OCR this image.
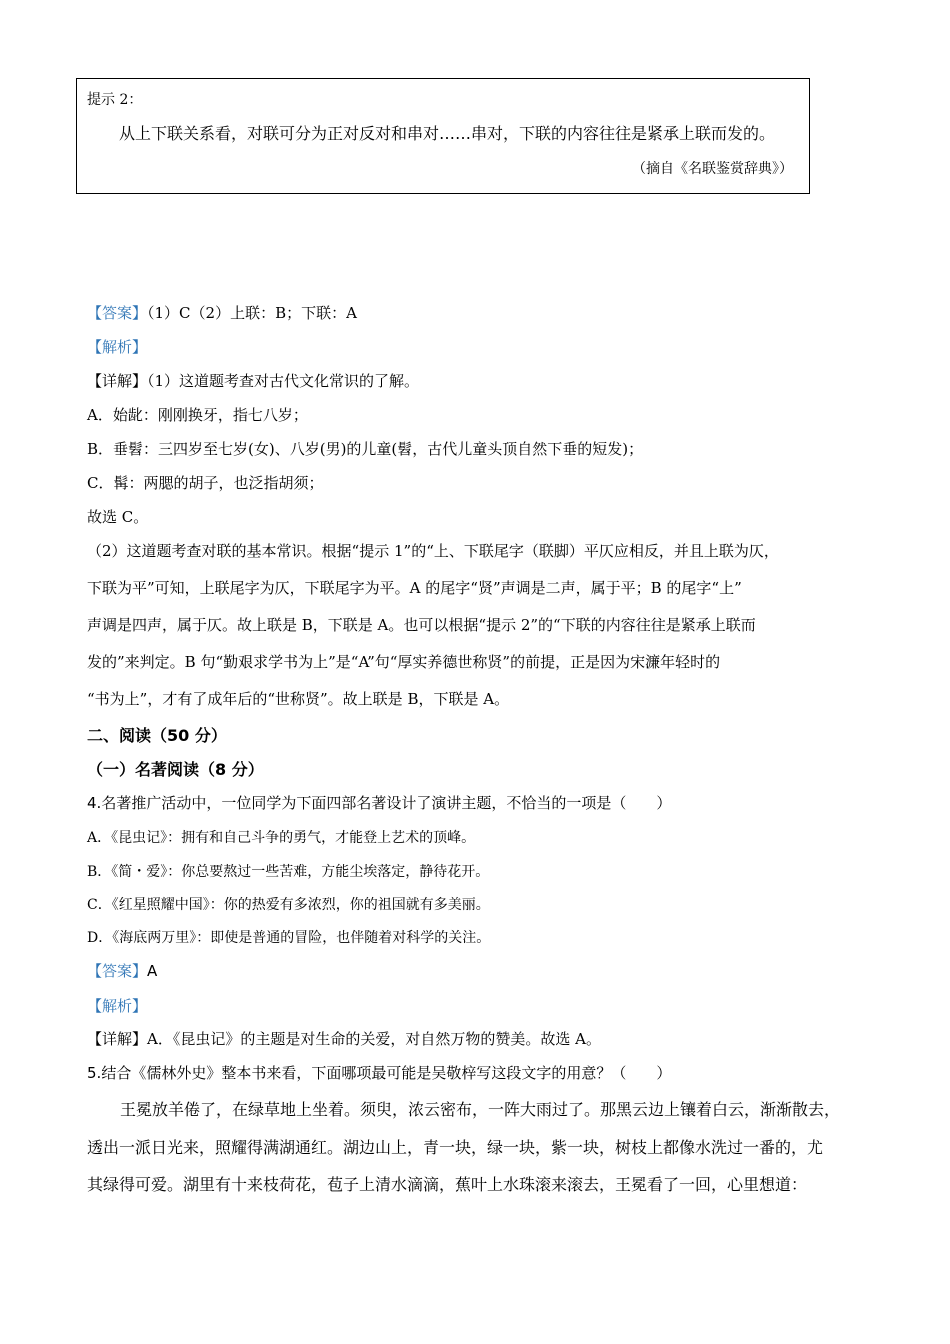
提示 2：
从上下联关系看，对联可分为正对反对和串对……串对，下联的内容往往是紧承上联而发的。
（摘自《名联鉴赏辞典》）
【答案】（1）C（2）上联：B；下联：A
【解析】
【详解】（1）这道题考查对古代文化常识的了解。
A．始龀：刚刚换牙，指七八岁；
B．垂髫：三四岁至七岁(女)、八岁(男)的儿童(髫，古代儿童头顶自然下垂的短发)；
C．髯：两腮的胡子，也泛指胡须；
故选 C。
（2）这道题考查对联的基本常识。根据“提示 1”的“上、下联尾字（联脚）平仄应相反，并且上联为仄，
下联为平”可知，上联尾字为仄，下联尾字为平。A 的尾字“贤”声调是二声，属于平；B 的尾字“上”
声调是四声，属于仄。故上联是 B，下联是 A。也可以根据“提示 2”的“下联的内容往往是紧承上联而
发的”来判定。B 句“勤艰求学书为上”是“A”句“厚实养德世称贤”的前提，正是因为宋濂年轻时的
“书为上”，才有了成年后的“世称贤”。故上联是 B，下联是 A。
二、阅读（50 分）
（一）名著阅读（8 分）
4.名著推广活动中，一位同学为下面四部名著设计了演讲主题，不恰当的一项是（　　）
A．《昆虫记》：拥有和自己斗争的勇气，才能登上艺术的顶峰。
B．《简・爱》：你总要熬过一些苦难，方能尘埃落定，静待花开。
C．《红星照耀中国》：你的热爱有多浓烈，你的祖国就有多美丽。
D．《海底两万里》：即使是普通的冒险，也伴随着对科学的关注。
【答案】A
【解析】
【详解】A．《昆虫记》的主题是对生命的关爱，对自然万物的赞美。故选 A。
5.结合《儒林外史》整本书来看，下面哪项最可能是吴敬梓写这段文字的用意？（　　）
王冕放羊倦了，在绿草地上坐着。须臾，浓云密布，一阵大雨过了。那黑云边上镶着白云，渐渐散去，
透出一派日光来，照耀得满湖通红。湖边山上，青一块，绿一块，紫一块，树枝上都像水洗过一番的，尤
其绿得可爱。湖里有十来枝荷花，苞子上清水滴滴，蕉叶上水珠滚来滚去，王冕看了一回，心里想道：
